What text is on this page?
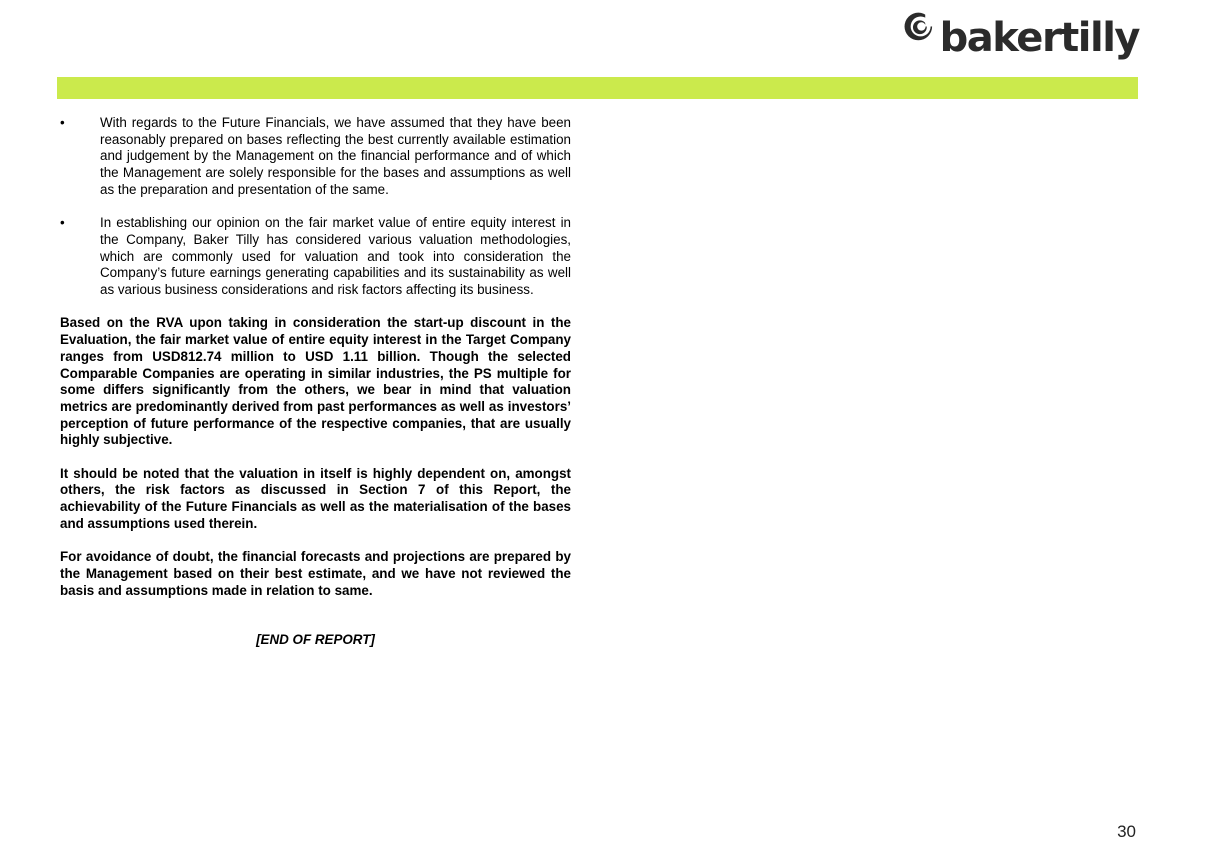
bakertilly
•	With regards to the Future Financials, we have assumed that they have been reasonably prepared on bases reflecting the best currently available estimation and judgement by the Management on the financial performance and of which the Management are solely responsible for the bases and assumptions as well as the preparation and presentation of the same.
•	In establishing our opinion on the fair market value of entire equity interest in the Company, Baker Tilly has considered various valuation methodologies, which are commonly used for valuation and took into consideration the Company’s future earnings generating capabilities and its sustainability as well as various business considerations and risk factors affecting its business.

Based on the RVA upon taking in consideration the start-up discount in the Evaluation, the fair market value of entire equity interest in the Target Company ranges from USD812.74 million to USD 1.11 billion. Though the selected Comparable Companies are operating in similar industries, the PS multiple for some differs significantly from the others, we bear in mind that valuation metrics are predominantly derived from past performances as well as investors’ perception of future performance of the respective companies, that are usually highly subjective.

It should be noted that the valuation in itself is highly dependent on, amongst others, the risk factors as discussed in Section 7 of this Report, the achievability of the Future Financials as well as the materialisation of the bases and assumptions used therein.

For avoidance of doubt, the financial forecasts and projections are prepared by the Management based on their best estimate, and we have not reviewed the basis and assumptions made in relation to same.

[END OF REPORT]
30
